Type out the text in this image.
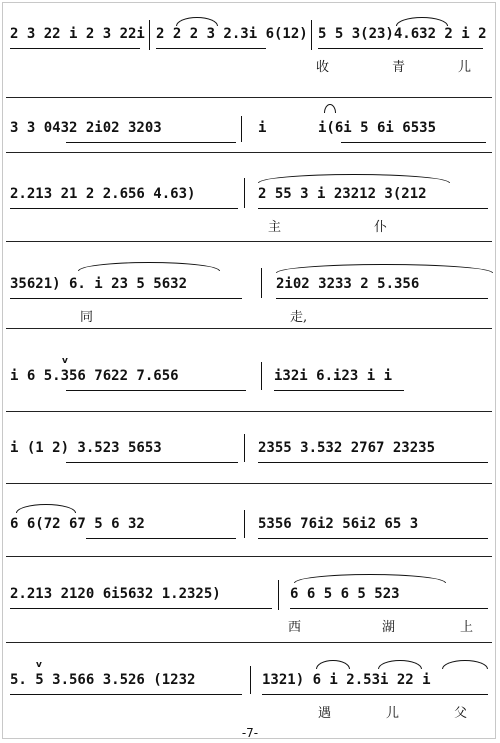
2 3 22 i 2 3 22i 2 2 2 3 2.3i 6(12) 5 5 3(23)4.632 2 i 2
收	青	儿
3 3 0432 2i02 3203	i	i(6i 5 6i 6535
2.213 21 2 2.656 4.63)	2 55 3 i 23212 3(212
主	仆
35621) 6. i 23 5 5632	2i02 3233 2 5.356
同	走,
i 6 5.356 7622 7.656	i32i 6.i23 i i
v
i (1 2) 3.523 5653	2355 3.532 2767 23235
6 6(72 67 5 6 32	5356 76i2 56i2 65 3
2.213 2120 6i5632 1.2325)	6 6 5 6 5 523
西	湖	上
5. 5 3.566 3.526 (1232	1321) 6 i 2.53i 22 i
v
遇	儿	父
-7-
